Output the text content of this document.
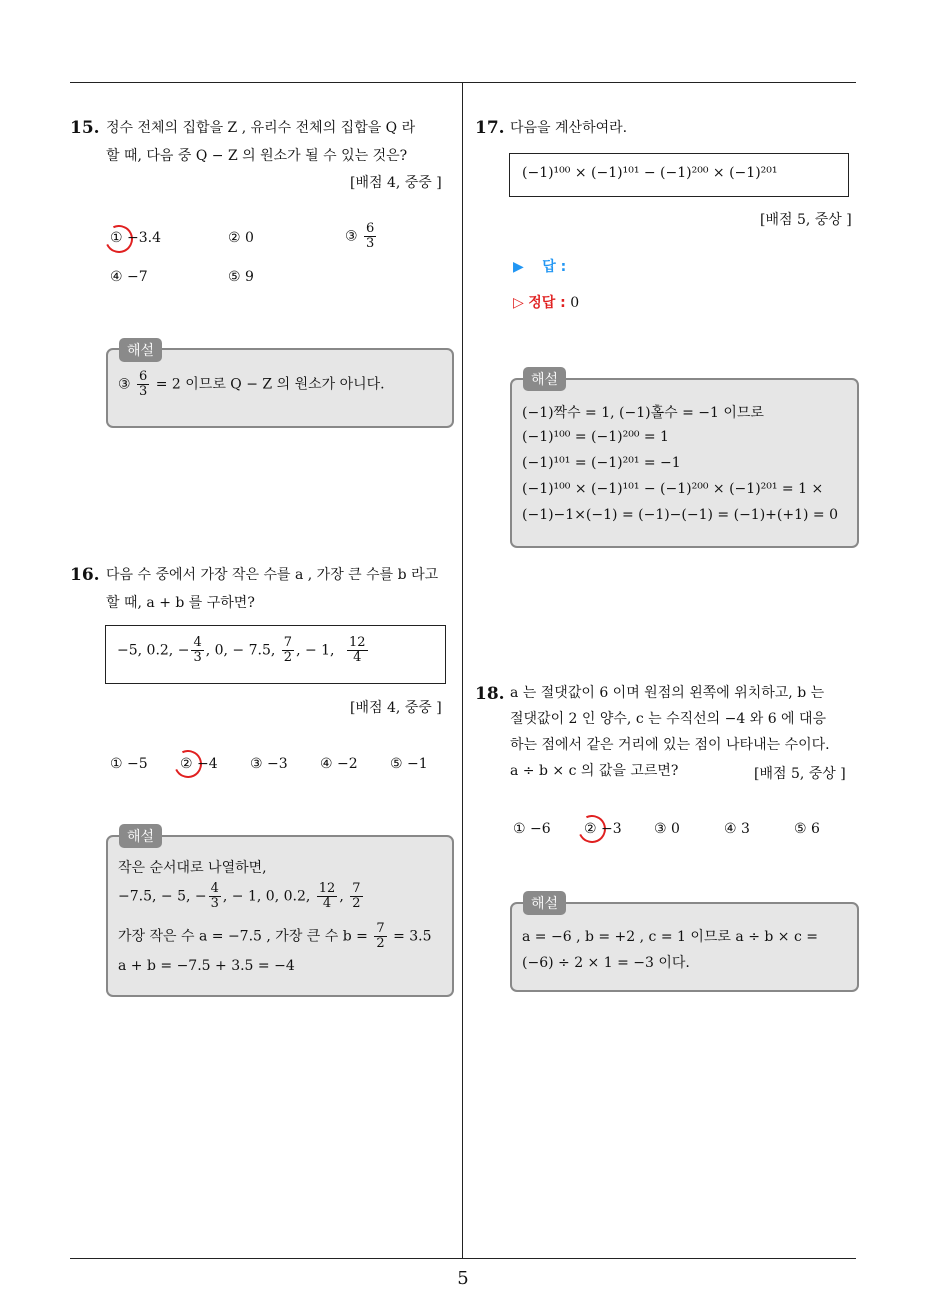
15. 정수 전체의 집합을 Z , 유리수 전체의 집합을 Q 라
할 때, 다음 중 Q − Z 의 원소가 될 수 있는 것은?
[배점 4, 중중 ]
① −3.4	② 0	③ $\frac{6}{3}$
④ −7	⑤ 9
해설
③ $\frac{6}{3} = 2$ 이므로 Q − Z 의 원소가 아니다.
16. 다음 수 중에서 가장 작은 수를 a , 가장 큰 수를 b 라고
할 때, a + b 를 구하면?
−5, 0.2, − $\frac{4}{3}$ , 0, − 7.5, $\frac{7}{2}$ , − 1, $\frac{12}{4}$
[배점 4, 중중 ]
① −5 ② −4 ③ −3 ④ −2 ⑤ −1
해설
작은 순서대로 나열하면,
−7.5, − 5, − $\frac{4}{3}$ , − 1, 0, 0.2, $\frac{12}{4}$ , $\frac{7}{2}$
가장 작은 수 a = −7.5 , 가장 큰 수 $b = \frac{7}{2} = 3.5$
a + b = −7.5 + 3.5 = −4
17. 다음을 계산하여라.
(−1)¹⁰⁰ × (−1)¹⁰¹ − (−1)²⁰⁰ × (−1)²⁰¹
[배점 5, 중상 ]
▶ 답 :
▷ 정답 : 0
해설
(−1)짝수 = 1, (−1)홀수 = −1 이므로
(−1)¹⁰⁰ = (−1)²⁰⁰ = 1
(−1)¹⁰¹ = (−1)²⁰¹ = −1
(−1)¹⁰⁰ × (−1)¹⁰¹ − (−1)²⁰⁰ × (−1)²⁰¹ = 1 ×
(−1)−1×(−1) = (−1)−(−1) = (−1)+(+1) = 0
18. a 는 절댓값이 6 이며 원점의 왼쪽에 위치하고, b 는
절댓값이 2 인 양수, c 는 수직선의 −4 와 6 에 대응
하는 점에서 같은 거리에 있는 점이 나타내는 수이다.
a ÷ b × c 의 값을 고르면?	[배점 5, 중상 ]
① −6 ② −3 ③ 0	④ 3	⑤ 6
해설
a = −6 , b = +2 , c = 1 이므로 a ÷ b × c =
(−6) ÷ 2 × 1 = −3 이다.
5
